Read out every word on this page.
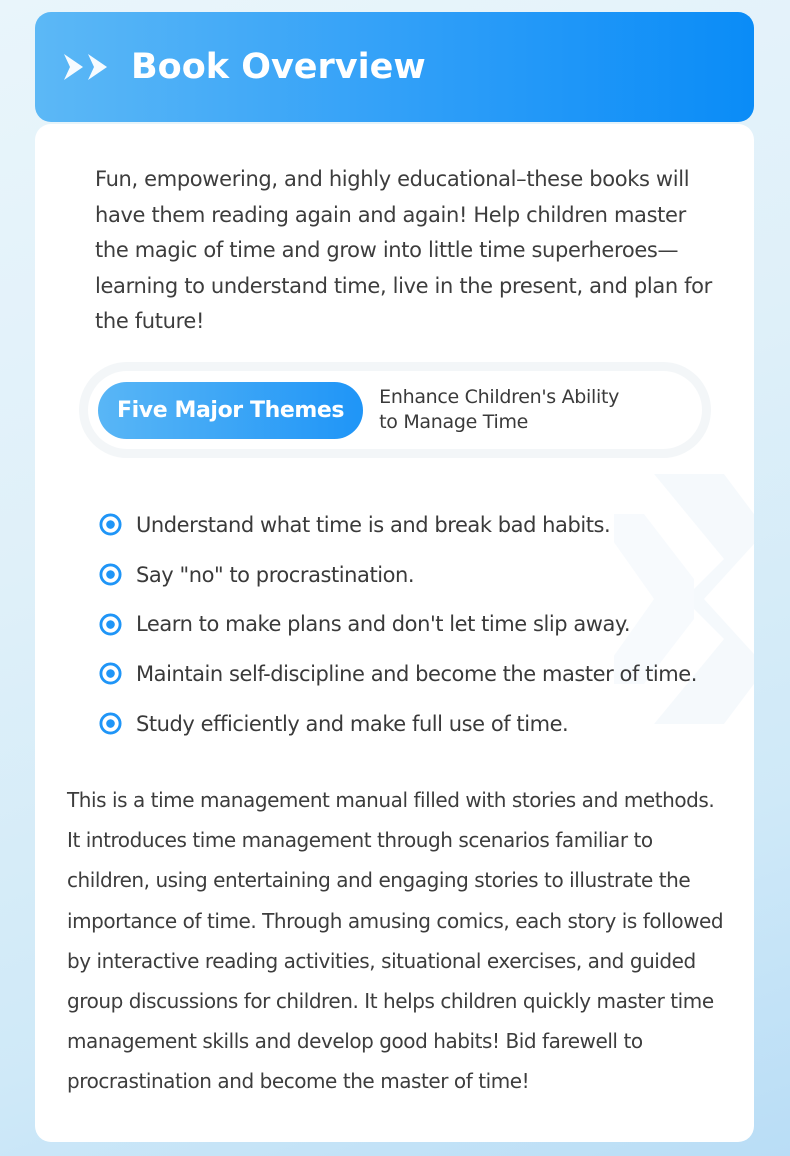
Book Overview

Fun, empowering, and highly educational–these books will have them reading again and again! Help children master the magic of time and grow into little time superheroes—learning to understand time, live in the present, and plan for the future!

Five Major Themes
Enhance Children's Ability
to Manage Time
Understand what time is and break bad habits.
Say "no" to procrastination.
Learn to make plans and don't let time slip away.
Maintain self-discipline and become the master of time.
Study efficiently and make full use of time.

This is a time management manual filled with stories and methods. It introduces time management through scenarios familiar to children, using entertaining and engaging stories to illustrate the importance of time. Through amusing comics, each story is followed by interactive reading activities, situational exercises, and guided group discussions for children. It helps children quickly master time management skills and develop good habits! Bid farewell to procrastination and become the master of time!
